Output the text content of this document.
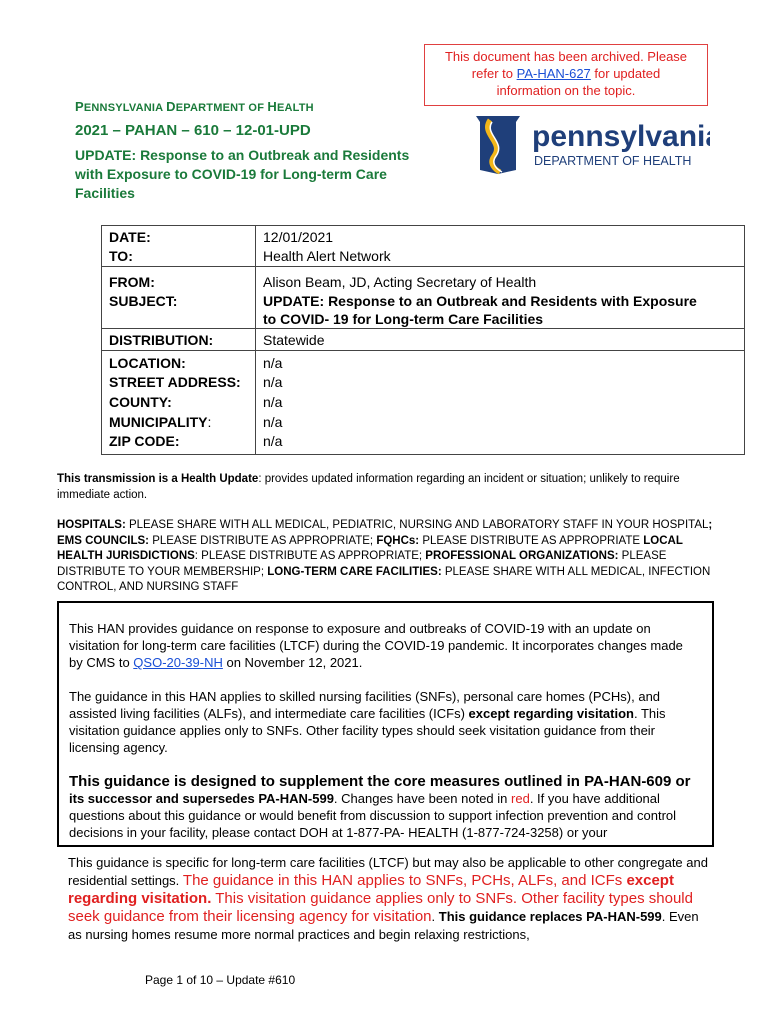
This document has been archived. Please
refer to PA-HAN-627 for updated
information on the topic.
PENNSYLVANIA DEPARTMENT OF HEALTH
2021 – PAHAN – 610 – 12-01-UPD
UPDATE: Response to an Outbreak and Residents
with Exposure to COVID-19 for Long-term Care
Facilities
pennsylvania
DEPARTMENT OF HEALTH
DATE:	12/01/2021
TO:	Health Alert Network
FROM:	Alison Beam, JD, Acting Secretary of Health
SUBJECT:	UPDATE: Response to an Outbreak and Residents with Exposure
to COVID- 19 for Long-term Care Facilities
DISTRIBUTION:	Statewide
LOCATION:	n/a
STREET ADDRESS: n/a
COUNTY:	n/a
MUNICIPALITY:	n/a
ZIP CODE:	n/a
This transmission is a Health Update: provides updated information regarding an incident or situation; unlikely to require immediate action.
HOSPITALS: PLEASE SHARE WITH ALL MEDICAL, PEDIATRIC, NURSING AND LABORATORY STAFF IN YOUR HOSPITAL; EMS COUNCILS: PLEASE DISTRIBUTE AS APPROPRIATE; FQHCs: PLEASE DISTRIBUTE AS APPROPRIATE LOCAL HEALTH JURISDICTIONS: PLEASE DISTRIBUTE AS APPROPRIATE; PROFESSIONAL ORGANIZATIONS: PLEASE DISTRIBUTE TO YOUR MEMBERSHIP; LONG-TERM CARE FACILITIES: PLEASE SHARE WITH ALL MEDICAL, INFECTION CONTROL, AND NURSING STAFF

This HAN provides guidance on response to exposure and outbreaks of COVID-19 with an update on visitation for long-term care facilities (LTCF) during the COVID-19 pandemic. It incorporates changes made by CMS to QSO-20-39-NH on November 12, 2021.

The guidance in this HAN applies to skilled nursing facilities (SNFs), personal care homes (PCHs), and assisted living facilities (ALFs), and intermediate care facilities (ICFs) except regarding visitation. This visitation guidance applies only to SNFs. Other facility types should seek visitation guidance from their licensing agency.

This guidance is designed to supplement the core measures outlined in PA-HAN-609 or its successor and supersedes PA-HAN-599. Changes have been noted in red. If you have additional questions about this guidance or would benefit from discussion to support infection prevention and control decisions in your facility, please contact DOH at 1-877-PA- HEALTH (1-877-724-3258) or your

This guidance is specific for long-term care facilities (LTCF) but may also be applicable to other congregate and residential settings. The guidance in this HAN applies to SNFs, PCHs, ALFs, and ICFs except regarding visitation. This visitation guidance applies only to SNFs. Other facility types should seek guidance from their licensing agency for visitation. This guidance replaces PA-HAN-599. Even as nursing homes resume more normal practices and begin relaxing restrictions,
Page 1 of 10 – Update #610
